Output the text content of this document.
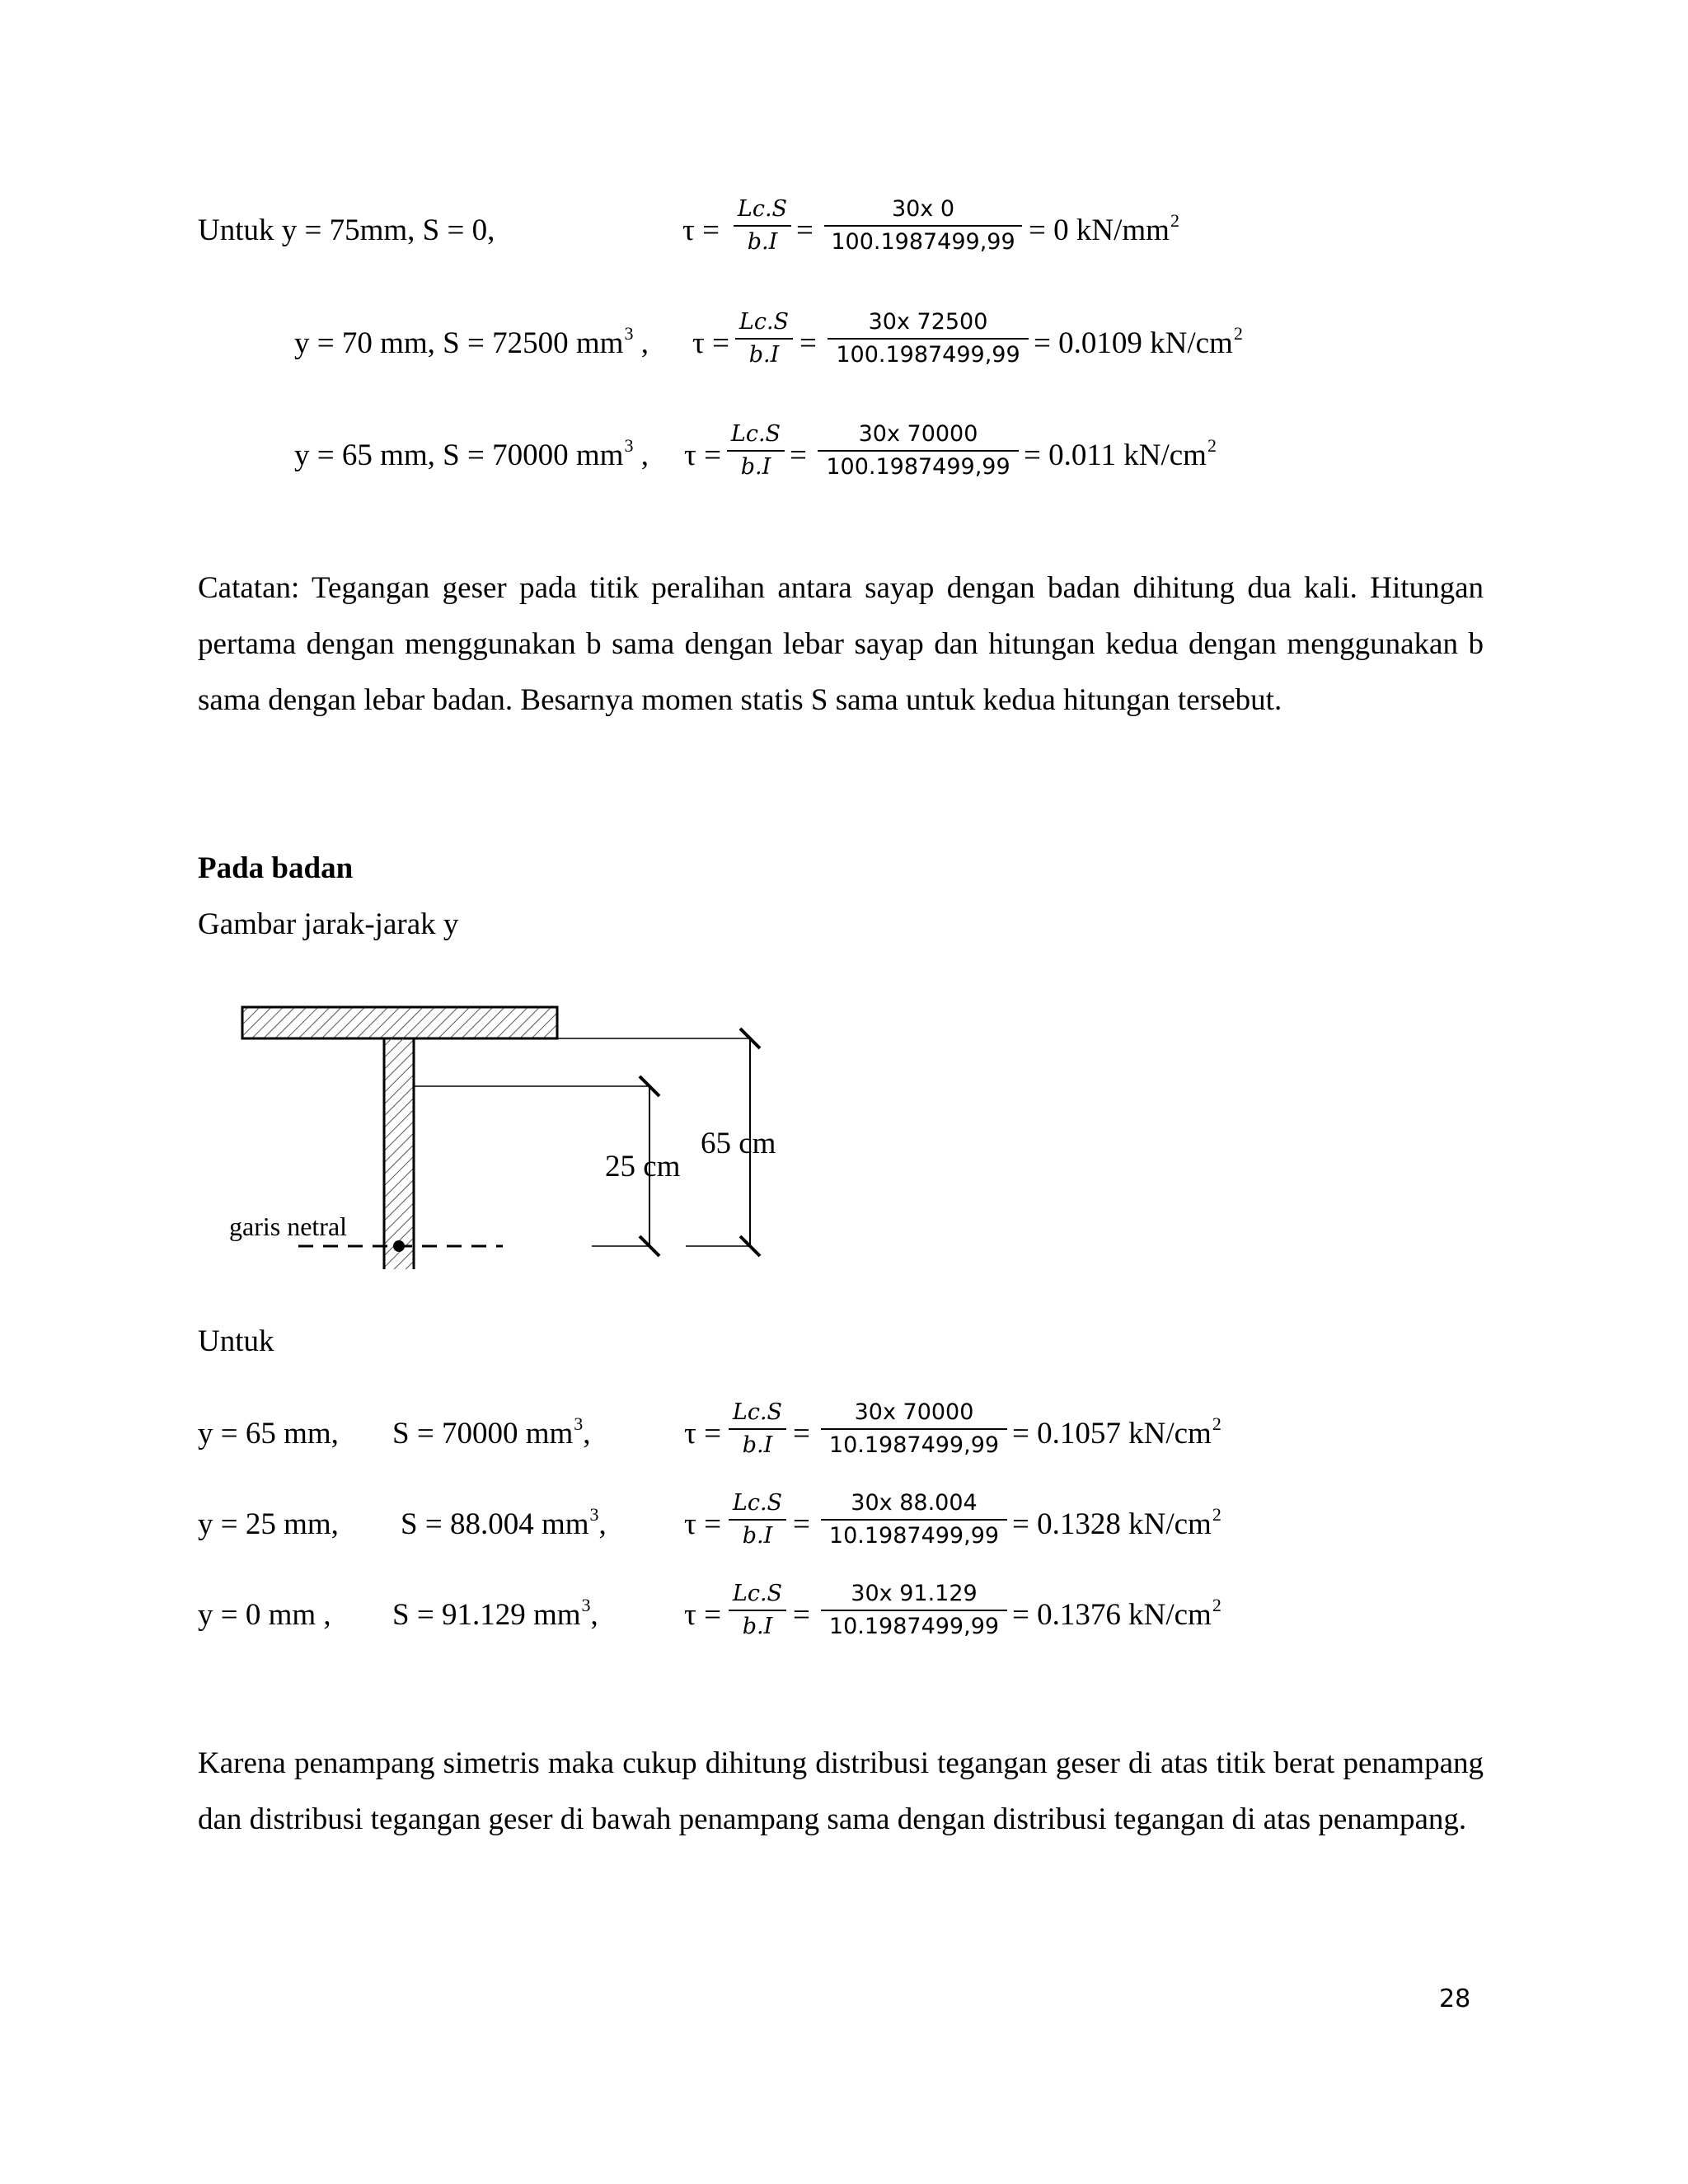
Untuk y = 75mm, S = 0,	τ =
Lc.S
b.I =
30x 0
100.1987499,99 = 0 $kN/mm^2$
y = 70 mm, S = 72500 $mm^3$ , τ =
Lc.S
b.I =
30x 72500
100.1987499,99 = 0.0109 $kN/cm^2$
y = 65 mm, S = 70000 $mm^3$ , τ =
Lc.S
b.I =
30x 70000
100.1987499,99 = 0.011 $kN/cm^2$

Catatan: Tegangan geser pada titik peralihan antara sayap dengan badan dihitung dua kali. Hitungan pertama dengan menggunakan b sama dengan lebar sayap dan hitungan kedua dengan menggunakan b sama dengan lebar badan. Besarnya momen statis S sama untuk kedua hitungan tersebut.

Pada badan
Gambar jarak-jarak y
65 cm
25 cm
garis netral
Untuk
y = 65 mm, S = 70000 $mm^3$,	τ =
Lc.S
b.I =
30x 70000
10.1987499,99 = 0.1057 $kN/cm^2$
y = 25 mm, S = 88.004 $mm^3$,	τ =
Lc.S
b.I =
30x 88.004
10.1987499,99 = 0.1328 $kN/cm^2$
y = 0 mm , S = 91.129 $mm^3$,	τ =
Lc.S
b.I =
30x 91.129
10.1987499,99 = 0.1376 $kN/cm^2$

Karena penampang simetris maka cukup dihitung distribusi tegangan geser di atas titik berat penampang dan distribusi tegangan geser di bawah penampang sama dengan distribusi tegangan di atas penampang.

28
